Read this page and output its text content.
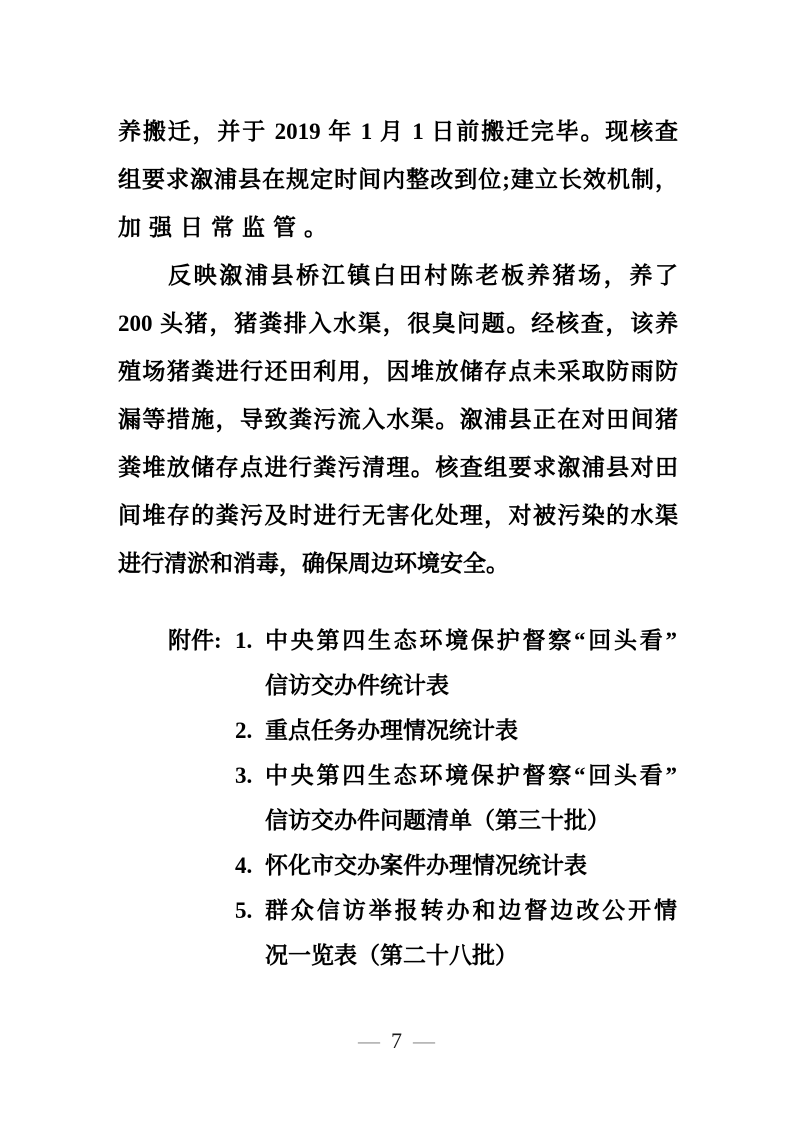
养搬迁，并于 2019 年 1 月 1 日前搬迁完毕。现核查
组要求溆浦县在规定时间内整改到位;建立长效机制，
加强日常监管。
反映溆浦县桥江镇白田村陈老板养猪场，养了
200 头猪，猪粪排入水渠，很臭问题。经核查，该养
殖场猪粪进行还田利用，因堆放储存点未采取防雨防
漏等措施，导致粪污流入水渠。溆浦县正在对田间猪
粪堆放储存点进行粪污清理。核查组要求溆浦县对田
间堆存的粪污及时进行无害化处理，对被污染的水渠
进行清淤和消毒，确保周边环境安全。
附件: 1. 中央第四生态环境保护督察“回头看”
信访交办件统计表
2. 重点任务办理情况统计表
3. 中央第四生态环境保护督察“回头看”
信访交办件问题清单（第三十批）
4. 怀化市交办案件办理情况统计表
5. 群众信访举报转办和边督边改公开情
况一览表（第二十八批）
— 7 —
